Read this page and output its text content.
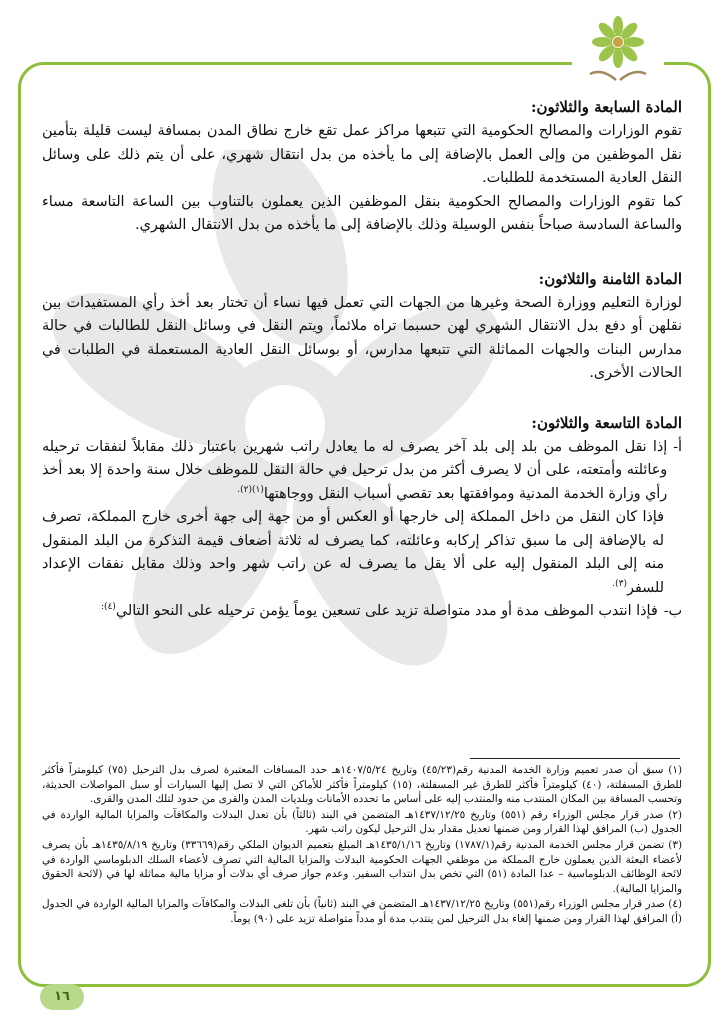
المادة السابعة والثلاثون:

تقوم الوزارات والمصالح الحكومية التي تتبعها مراكز عمل تقع خارج نطاق المدن بمسافة ليست قليلة بتأمين نقل الموظفين من وإلى العمل بالإضافة إلى ما يأخذه من بدل انتقال شهري، على أن يتم ذلك على وسائل النقل العادية المستخدمة للطلبات.

كما تقوم الوزارات والمصالح الحكومية بنقل الموظفين الذين يعملون بالتناوب بين الساعة التاسعة مساء والساعة السادسة صباحاً بنفس الوسيلة وذلك بالإضافة إلى ما يأخذه من بدل الانتقال الشهري.

المادة الثامنة والثلاثون:

لوزارة التعليم ووزارة الصحة وغيرها من الجهات التي تعمل فيها نساء أن تختار بعد أخذ رأي المستفيدات بين نقلهن أو دفع بدل الانتقال الشهري لهن حسبما تراه ملائماً، ويتم النقل في وسائل النقل للطالبات في حالة مدارس البنات والجهات المماثلة التي تتبعها مدارس، أو بوسائل النقل العادية المستعملة في الطلبات في الحالات الأخرى.

المادة التاسعة والثلاثون:
أ-

إذا نقل الموظف من بلد إلى بلد آخر يصرف له ما يعادل راتب شهرين باعتبار ذلك مقابلاً لنفقات ترحيله وعائلته وأمتعته، على أن لا يصرف أكثر من بدل ترحيل في حالة النقل للموظف خلال سنة واحدة إلا بعد أخذ رأي وزارة الخدمة المدنية وموافقتها بعد تقصي أسباب النقل ووجاهتها$^{(١)(٢).}$

فإذا كان النقل من داخل المملكة إلى خارجها أو العكس أو من جهة إلى جهة أخرى خارج المملكة، تصرف له بالإضافة إلى ما سبق تذاكر إركابه وعائلته، كما يصرف له ثلاثة أضعاف قيمة التذكرة من البلد المنقول منه إلى البلد المنقول إليه على ألا يقل ما يصرف له عن راتب شهر واحد وذلك مقابل نفقات الإعداد للسفر$^{(٣).}$

ب-

فإذا انتدب الموظف مدة أو مدد متواصلة تزيد على تسعين يوماً يؤمن ترحيله على النحو التالي$^{(٤):}$

(١) سبق أن صدر تعميم وزارة الخدمة المدنية رقم(٤٥/٢٣) وتاريخ ١٤٠٧/٥/٢٤هـ حدد المسافات المعتبرة لصرف بدل الترحيل (٧٥) كيلومتراً فأكثر للطرق المسفلتة، (٤٠) كيلومتراً فأكثر للطرق غير المسفلتة، (١٥) كيلومتراً فأكثر للأماكن التي لا تصل إليها السيارات أو سبل المواصلات الحديثة، وتحسب المسافة بين المكان المنتدب منه والمنتدب إليه على أساس ما تحدده الأمانات وبلديات المدن والقرى من حدود لتلك المدن والقرى.

(٢) صدر قرار مجلس الوزراء رقم (٥٥١) وتاريخ ١٤٣٧/١٢/٢٥هـ المتضمن في البند (ثالثاً) بأن تعدل البدلات والمكافآت والمزايا المالية الواردة في الجدول (ب) المرافق لهذا القرار ومن ضمنها تعديل مقدار بدل الترحيل ليكون راتب شهر.

(٣) تضمن قرار مجلس الخدمة المدنية رقم(١٧٨٧/١) وتاريخ ١٤٣٥/١/١٦هـ المبلغ بتعميم الديوان الملكي رقم(٣٣٦٦٩) وتاريخ ١٤٣٥/٨/١٩هـ بأن يصرف لأعضاء البعثة الذين يعملون خارج المملكة من موظفي الجهات الحكومية البدلات والمزايا المالية التي تصرف لأعضاء السلك الدبلوماسي الواردة في لائحة الوظائف الدبلوماسية – عدا المادة (٥١) التي تخص بدل انتداب السفير. وعدم جواز صرف أي بدلات أو مزايا مالية مماثلة لها في (لائحة الحقوق والمزايا المالية).

(٤) صدر قرار مجلس الوزراء رقم(٥٥١) وتاريخ ١٤٣٧/١٢/٢٥هـ المتضمن في البند (ثانياً) بأن تلغى البدلات والمكافآت والمزايا المالية الواردة في الجدول (أ) المرافق لهذا القرار ومن ضمنها إلغاء بدل الترحيل لمن ينتدب مدة أو مدداً متواصلة تزيد على (٩٠) يوماً.

١٦
